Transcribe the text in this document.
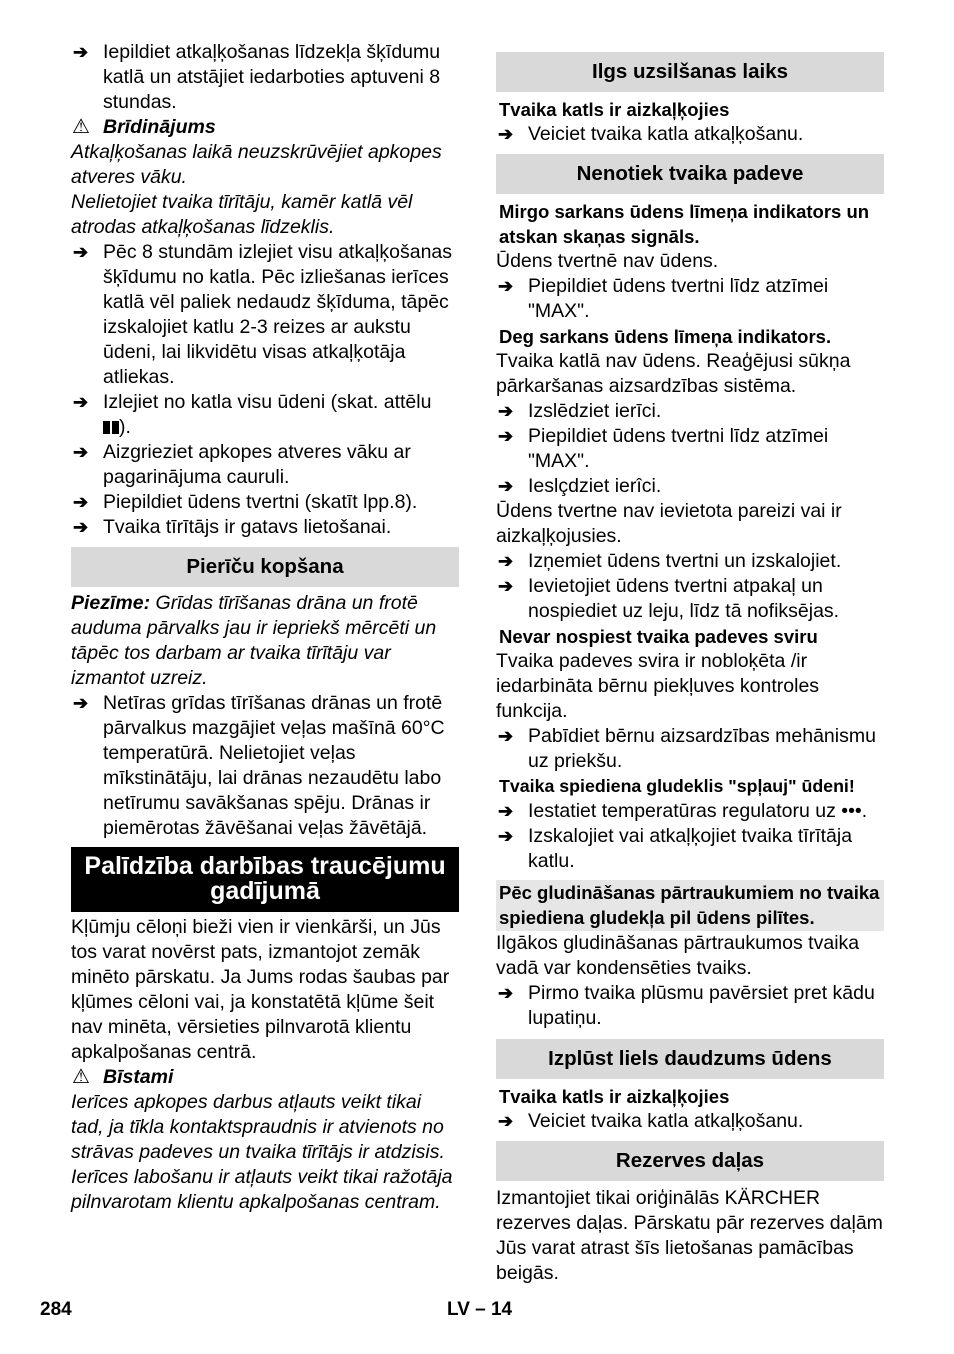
➔ Iepildiet atkaļķošanas līdzekļa šķīdumu katlā un atstājiet iedarboties aptuveni 8 stundas.

⚠ Brīdinājums

Atkaļķošanas laikā neuzskrūvējiet apkopes atveres vāku.

Nelietojiet tvaika tīrītāju, kamēr katlā vēl atrodas atkaļķošanas līdzeklis.

➔ Pēc 8 stundām izlejiet visu atkaļķošanas šķīdumu no katla. Pēc izliešanas ierīces katlā vēl paliek nedaudz šķīduma, tāpēc izskalojiet katlu 2-3 reizes ar aukstu ūdeni, lai likvidētu visas atkaļķotāja atliekas.

➔ Izlejiet no katla visu ūdeni (skat. attēlu
).

➔ Aizgrieziet apkopes atveres vāku ar pagarinājuma cauruli.

➔ Piepildiet ūdens tvertni (skatīt lpp.8).

➔ Tvaika tīrītājs ir gatavs lietošanai.

Pierīču kopšana

Piezīme: Grīdas tīrīšanas drāna un frotē auduma pārvalks jau ir iepriekš mērcēti un tāpēc tos darbam ar tvaika tīrītāju var izmantot uzreiz.

➔ Netīras grīdas tīrīšanas drānas un frotē pārvalkus mazgājiet veļas mašīnā 60°C temperatūrā. Nelietojiet veļas mīkstinātāju, lai drānas nezaudētu labo netīrumu savākšanas spēju. Drānas ir piemērotas žāvēšanai veļas žāvētājā.

Palīdzība darbības traucējumu gadījumā

Kļūmju cēloņi bieži vien ir vienkārši, un Jūs tos varat novērst pats, izmantojot zemāk minēto pārskatu. Ja Jums rodas šaubas par kļūmes cēloni vai, ja konstatētā kļūme šeit nav minēta, vērsieties pilnvarotā klientu apkalpošanas centrā.

⚠ Bīstami

Ierīces apkopes darbus atļauts veikt tikai tad, ja tīkla kontaktspraudnis ir atvienots no strāvas padeves un tvaika tīrītājs ir atdzisis. Ierīces labošanu ir atļauts veikt tikai ražotāja pilnvarotam klientu apkalpošanas centram.

Ilgs uzsilšanas laiks

Tvaika katls ir aizkaļķojies

➔ Veiciet tvaika katla atkaļķošanu.

Nenotiek tvaika padeve

Mirgo sarkans ūdens līmeņa indikators un atskan skaņas signāls.

Ūdens tvertnē nav ūdens.

➔ Piepildiet ūdens tvertni līdz atzīmei "MAX".

Deg sarkans ūdens līmeņa indikators.

Tvaika katlā nav ūdens. Reaģējusi sūkņa pārkaršanas aizsardzības sistēma.

➔ Izslēdziet ierīci.

➔ Piepildiet ūdens tvertni līdz atzīmei "MAX".

➔ Ieslçdziet ierîci.

Ūdens tvertne nav ievietota pareizi vai ir aizkaļķojusies.

➔ Izņemiet ūdens tvertni un izskalojiet.

➔ Ievietojiet ūdens tvertni atpakaļ un nospiediet uz leju, līdz tā nofiksējas.

Nevar nospiest tvaika padeves sviru

Tvaika padeves svira ir nobloķēta /ir iedarbināta bērnu piekļuves kontroles funkcija.

➔ Pabīdiet bērnu aizsardzības mehānismu uz priekšu.

Tvaika spiediena gludeklis "spļauj" ūdeni!

➔ Iestatiet temperatūras regulatoru uz •••.

➔ Izskalojiet vai atkaļķojiet tvaika tīrītāja katlu.

Pēc gludināšanas pārtraukumiem no tvaika spiediena gludekļa pil ūdens pilītes.

Ilgākos gludināšanas pārtraukumos tvaika vadā var kondensēties tvaiks.

➔ Pirmo tvaika plūsmu pavērsiet pret kādu lupatiņu.

Izplūst liels daudzums ūdens

Tvaika katls ir aizkaļķojies

➔ Veiciet tvaika katla atkaļķošanu.

Rezerves daļas

Izmantojiet tikai oriģinālās KÄRCHER rezerves daļas. Pārskatu pār rezerves daļām Jūs varat atrast šīs lietošanas pamācības beigās.

284	LV – 14
